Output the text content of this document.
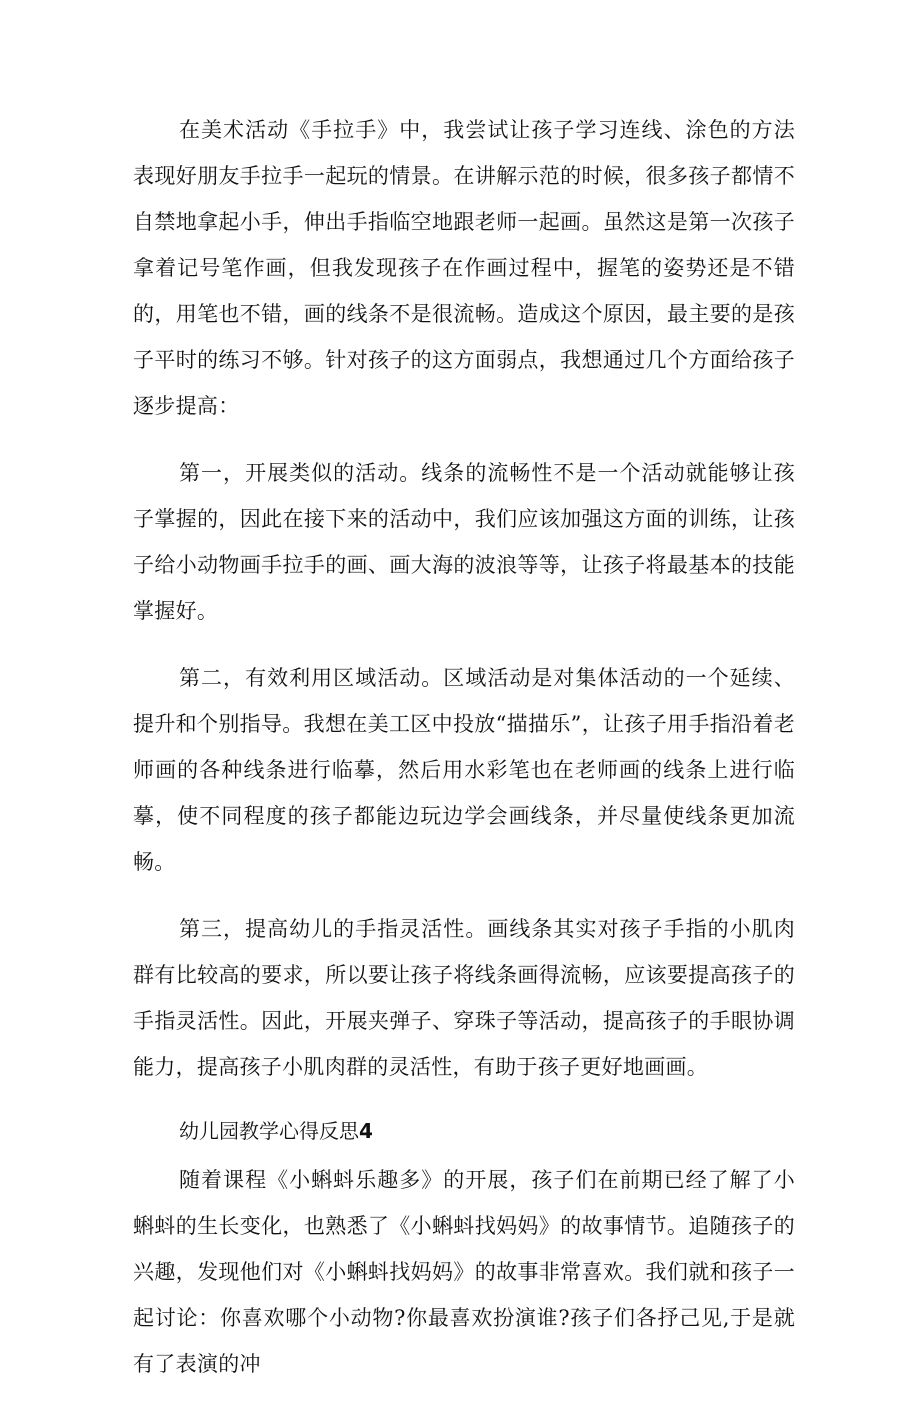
在美术活动《手拉手》中，我尝试让孩子学习连线、涂色的方法表现好朋友手拉手一起玩的情景。在讲解示范的时候，很多孩子都情不自禁地拿起小手，伸出手指临空地跟老师一起画。虽然这是第一次孩子拿着记号笔作画，但我发现孩子在作画过程中，握笔的姿势还是不错的，用笔也不错，画的线条不是很流畅。造成这个原因，最主要的是孩子平时的练习不够。针对孩子的这方面弱点，我想通过几个方面给孩子逐步提高：

第一，开展类似的活动。线条的流畅性不是一个活动就能够让孩子掌握的，因此在接下来的活动中，我们应该加强这方面的训练，让孩子给小动物画手拉手的画、画大海的波浪等等，让孩子将最基本的技能掌握好。

第二，有效利用区域活动。区域活动是对集体活动的一个延续、提升和个别指导。我想在美工区中投放“描描乐”，让孩子用手指沿着老师画的各种线条进行临摹，然后用水彩笔也在老师画的线条上进行临摹，使不同程度的孩子都能边玩边学会画线条，并尽量使线条更加流畅。

第三，提高幼儿的手指灵活性。画线条其实对孩子手指的小肌肉群有比较高的要求，所以要让孩子将线条画得流畅，应该要提高孩子的手指灵活性。因此，开展夹弹子、穿珠子等活动，提高孩子的手眼协调能力，提高孩子小肌肉群的灵活性，有助于孩子更好地画画。

幼儿园教学心得反思4

随着课程《小蝌蚪乐趣多》的开展，孩子们在前期已经了解了小蝌蚪的生长变化，也熟悉了《小蝌蚪找妈妈》的故事情节。追随孩子的兴趣，发现他们对《小蝌蚪找妈妈》的故事非常喜欢。我们就和孩子一起讨论：你喜欢哪个小动物?你最喜欢扮演谁?孩子们各抒己见,于是就有了表演的冲
